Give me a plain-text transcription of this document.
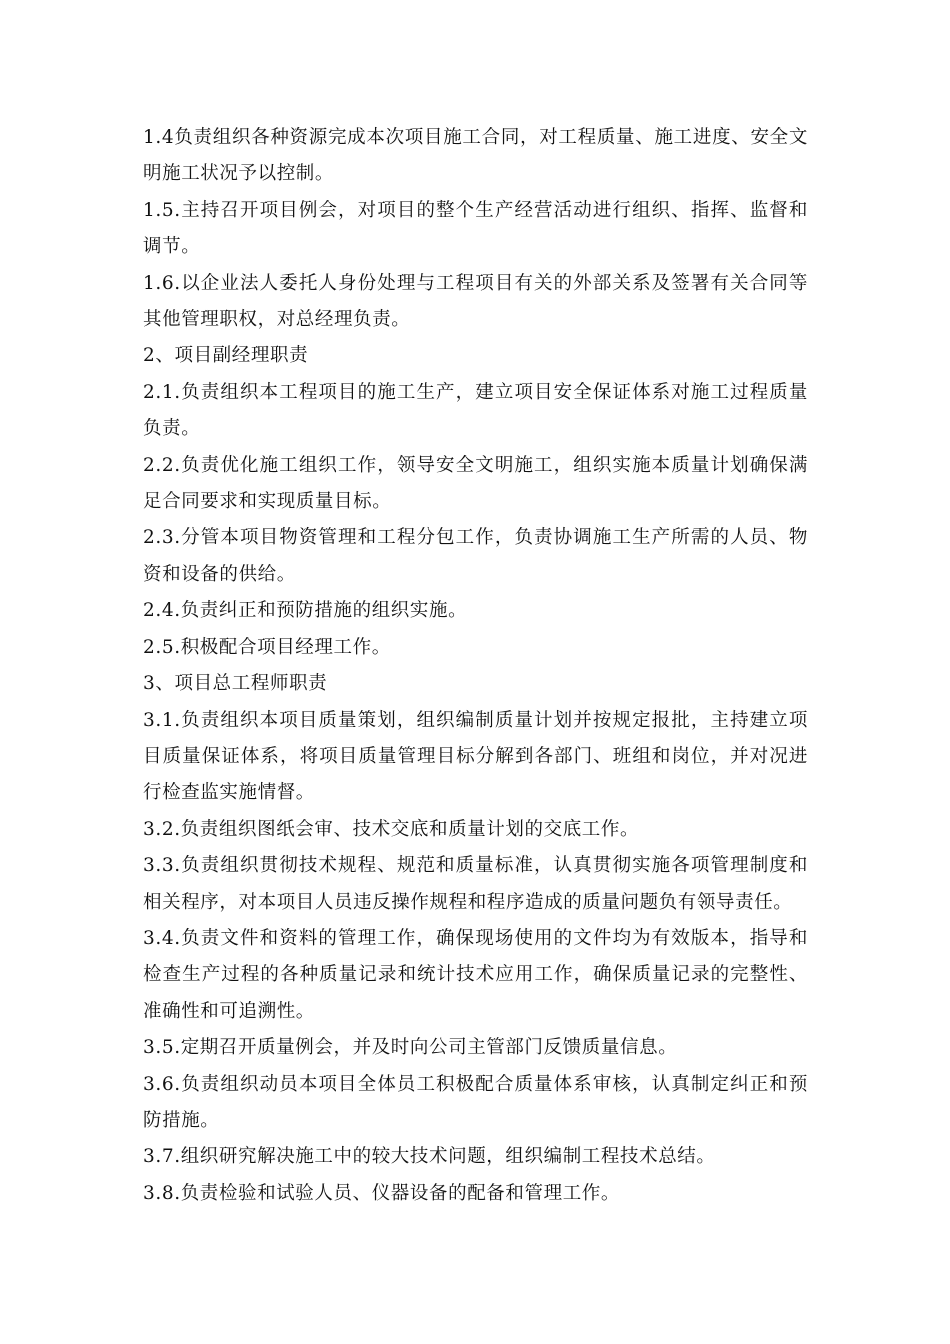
1.4负责组织各种资源完成本次项目施工合同，对工程质量、施工进度、安全文明施工状况予以控制。

1.5.主持召开项目例会，对项目的整个生产经营活动进行组织、指挥、监督和调节。

1.6.以企业法人委托人身份处理与工程项目有关的外部关系及签署有关合同等其他管理职权，对总经理负责。

2、项目副经理职责

2.1.负责组织本工程项目的施工生产，建立项目安全保证体系对施工过程质量负责。

2.2.负责优化施工组织工作，领导安全文明施工，组织实施本质量计划确保满足合同要求和实现质量目标。

2.3.分管本项目物资管理和工程分包工作，负责协调施工生产所需的人员、物资和设备的供给。

2.4.负责纠正和预防措施的组织实施。

2.5.积极配合项目经理工作。

3、项目总工程师职责

3.1.负责组织本项目质量策划，组织编制质量计划并按规定报批，主持建立项目质量保证体系，将项目质量管理目标分解到各部门、班组和岗位，并对况进行检查监实施情督。

3.2.负责组织图纸会审、技术交底和质量计划的交底工作。

3.3.负责组织贯彻技术规程、规范和质量标准，认真贯彻实施各项管理制度和相关程序，对本项目人员违反操作规程和程序造成的质量问题负有领导责任。

3.4.负责文件和资料的管理工作，确保现场使用的文件均为有效版本，指导和检查生产过程的各种质量记录和统计技术应用工作，确保质量记录的完整性、准确性和可追溯性。

3.5.定期召开质量例会，并及时向公司主管部门反馈质量信息。

3.6.负责组织动员本项目全体员工积极配合质量体系审核，认真制定纠正和预防措施。

3.7.组织研究解决施工中的较大技术问题，组织编制工程技术总结。

3.8.负责检验和试验人员、仪器设备的配备和管理工作。
